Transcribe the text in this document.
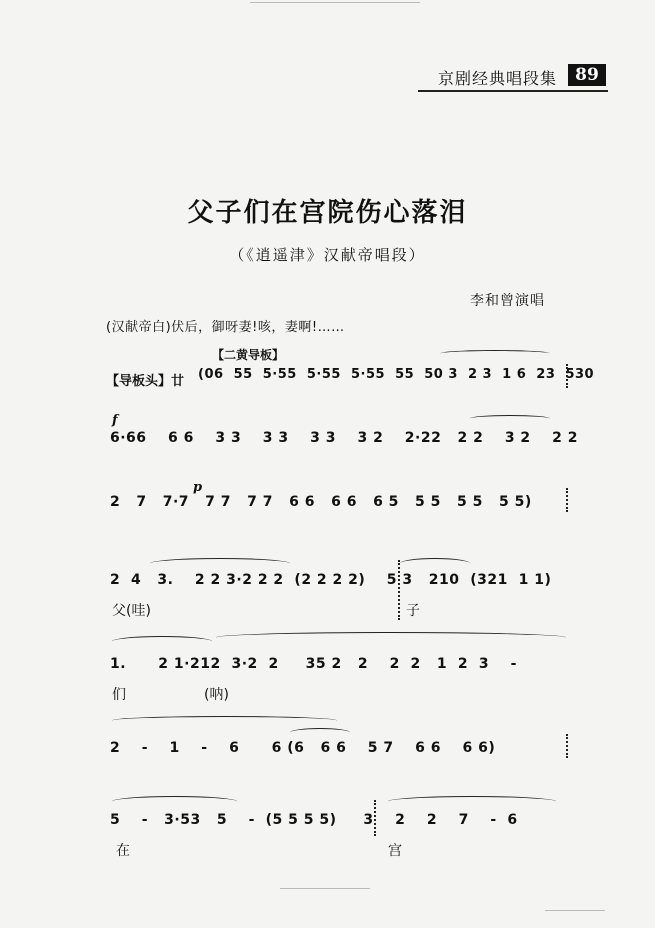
89
京剧经典唱段集
父子们在宫院伤心落泪
（《逍遥津》汉献帝唱段）
李和曾演唱
(汉献帝白)伏后，御呀妻!咳，妻啊!……
【二黄导板】
【导板头】廿 (06  55  5·55  5·55  5·55  55  50 3  2 3  1 6  23  530
f
6·66    6 6    3 3    3 3    3 3    3 2    2·22   2 2    3 2    2 2
p
2   7   7·7   7 7   7 7   6 6   6 6   6 5   5 5   5 5   5 5)
2  4   3.    2 2 3·2 2 2  (2 2 2 2)    5 3   210  (321  1 1)
父(哇)	子
1.      2 1·212  3·2  2     35 2   2    2  2   1  2  3    -
们	(呐)
2    -    1    -    6      6 (6   6 6    5 7    6 6    6 6)
5    -   3·53   5    -  (5 5 5 5)     3    2    2    7    -  6
在	宫
